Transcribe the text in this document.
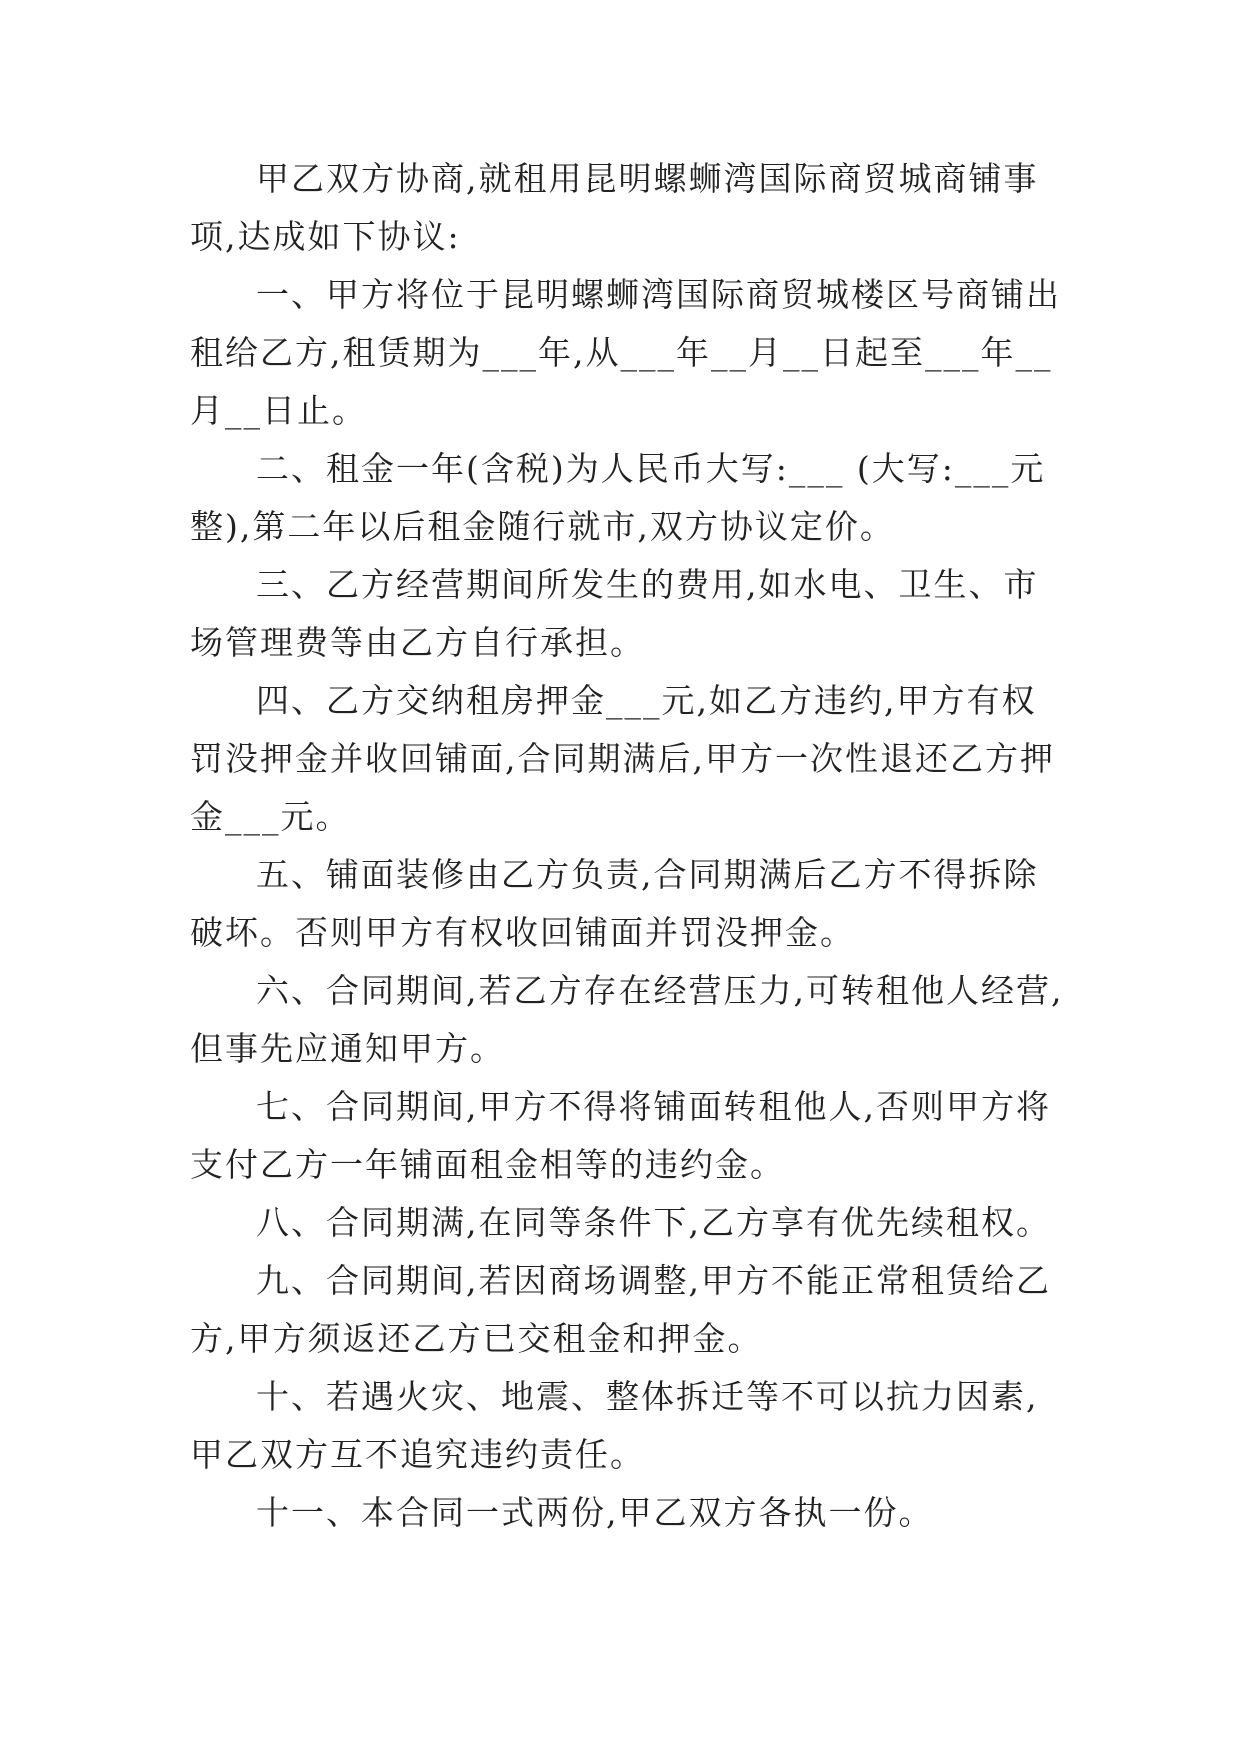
甲乙双方协商,就租用昆明螺蛳湾国际商贸城商铺事项,达成如下协议:

一、甲方将位于昆明螺蛳湾国际商贸城楼区号商铺出租给乙方,租赁期为___年,从___年__月__日起至___年__月__日止。

二、租金一年(含税)为人民币大写:___ (大写:___元整),第二年以后租金随行就市,双方协议定价。

三、乙方经营期间所发生的费用,如水电、卫生、市场管理费等由乙方自行承担。

四、乙方交纳租房押金___元,如乙方违约,甲方有权罚没押金并收回铺面,合同期满后,甲方一次性退还乙方押金___元。

五、铺面装修由乙方负责,合同期满后乙方不得拆除破坏。否则甲方有权收回铺面并罚没押金。

六、合同期间,若乙方存在经营压力,可转租他人经营,但事先应通知甲方。

七、合同期间,甲方不得将铺面转租他人,否则甲方将支付乙方一年铺面租金相等的违约金。

八、合同期满,在同等条件下,乙方享有优先续租权。

九、合同期间,若因商场调整,甲方不能正常租赁给乙方,甲方须返还乙方已交租金和押金。

十、若遇火灾、地震、整体拆迁等不可以抗力因素,甲乙双方互不追究违约责任。

十一、本合同一式两份,甲乙双方各执一份。
